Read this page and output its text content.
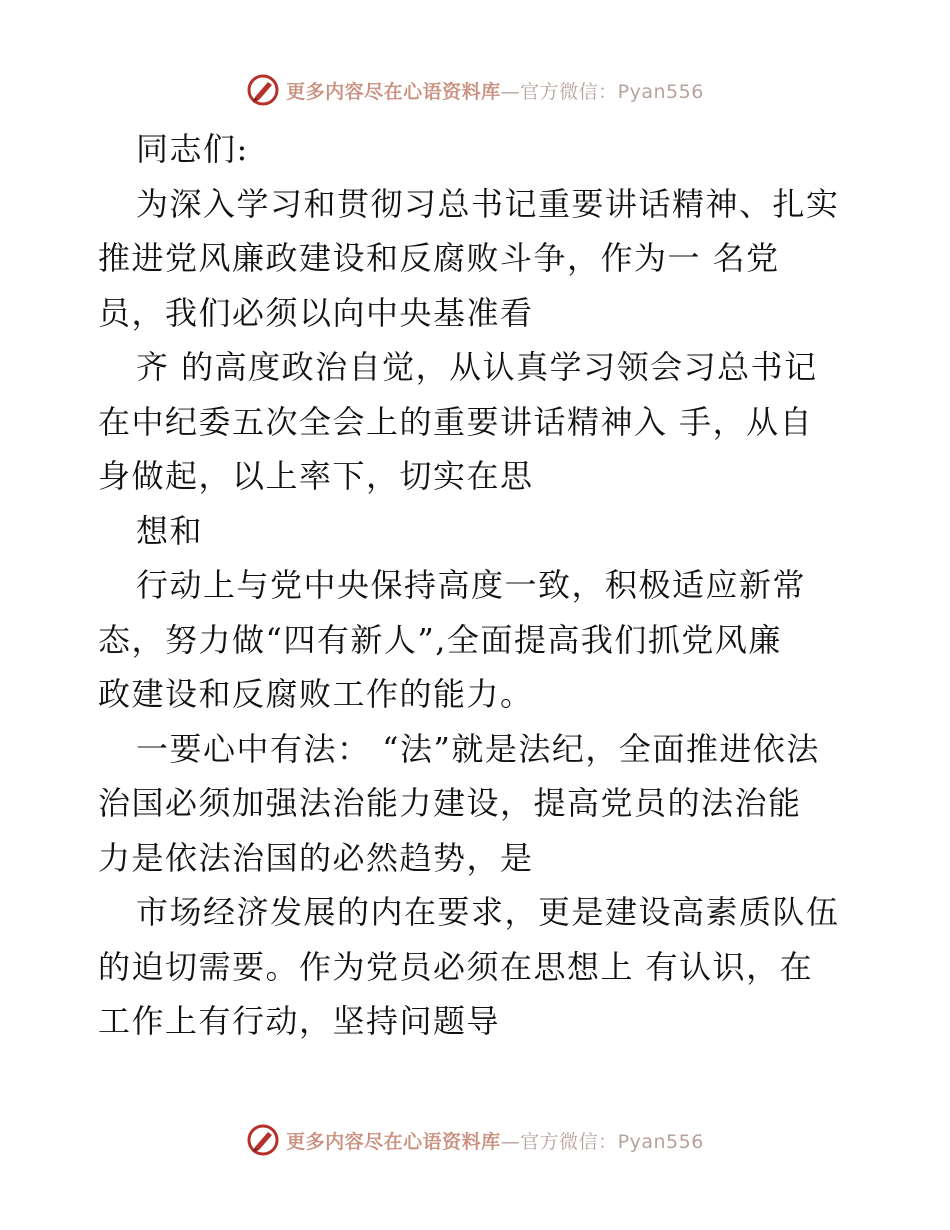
更多内容尽在心语资料库—官方微信：Pyan556
同志们:
为深入学习和贯彻习总书记重要讲话精神、扎实
推进党风廉政建设和反腐败斗争，作为一 名党
员，我们必须以向中央基准看
齐 的高度政治自觉，从认真学习领会习总书记
在中纪委五次全会上的重要讲话精神入 手，从自
身做起，以上率下，切实在思
想和
行动上与党中央保持高度一致，积极适应新常
态，努力做“四有新人”,全面提高我们抓党风廉
政建设和反腐败工作的能力。
一要心中有法： “法”就是法纪，全面推进依法
治国必须加强法治能力建设，提高党员的法治能
力是依法治国的必然趋势，是
市场经济发展的内在要求，更是建设高素质队伍
的迫切需要。作为党员必须在思想上 有认识，在
工作上有行动，坚持问题导
更多内容尽在心语资料库—官方微信：Pyan556
